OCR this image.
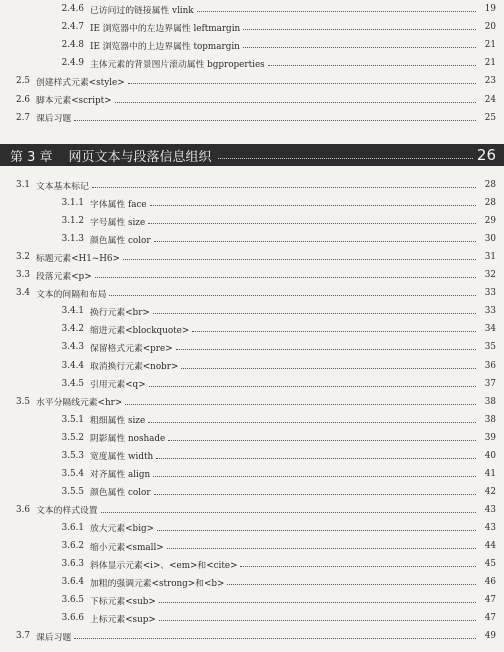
2.4.6 已访问过的链接属性 vlink	19
2.4.7 IE 浏览器中的左边界属性 leftmargin	20
2.4.8 IE 浏览器中的上边界属性 topmargin	21
2.4.9 主体元素的背景图片滚动属性 bgproperties	21
2.5 创建样式元素<style>	23
2.6 脚本元素<script>	24
2.7 课后习题	25
第 3 章 网页文本与段落信息组织	26
3.1 文本基本标记	28
3.1.1 字体属性 face	28
3.1.2 字号属性 size	29
3.1.3 颜色属性 color	30
3.2 标题元素<H1~H6>	31
3.3 段落元素<p>	32
3.4 文本的间隔和布局	33
3.4.1 换行元素<br>	33
3.4.2 缩进元素<blockquote>	34
3.4.3 保留格式元素<pre>	35
3.4.4 取消换行元素<nobr>	36
3.4.5 引用元素<q>	37
3.5 水平分隔线元素<hr>	38
3.5.1 粗细属性 size	38
3.5.2 阴影属性 noshade	39
3.5.3 宽度属性 width	40
3.5.4 对齐属性 align	41
3.5.5 颜色属性 color	42
3.6 文本的样式设置	43
3.6.1 放大元素<big>	43
3.6.2 缩小元素<small>	44
3.6.3 斜体显示元素<i>、<em>和<cite>	45
3.6.4 加粗的强调元素<strong>和<b>	46
3.6.5 下标元素<sub>	47
3.6.6 上标元素<sup>	47
3.7 课后习题	49
